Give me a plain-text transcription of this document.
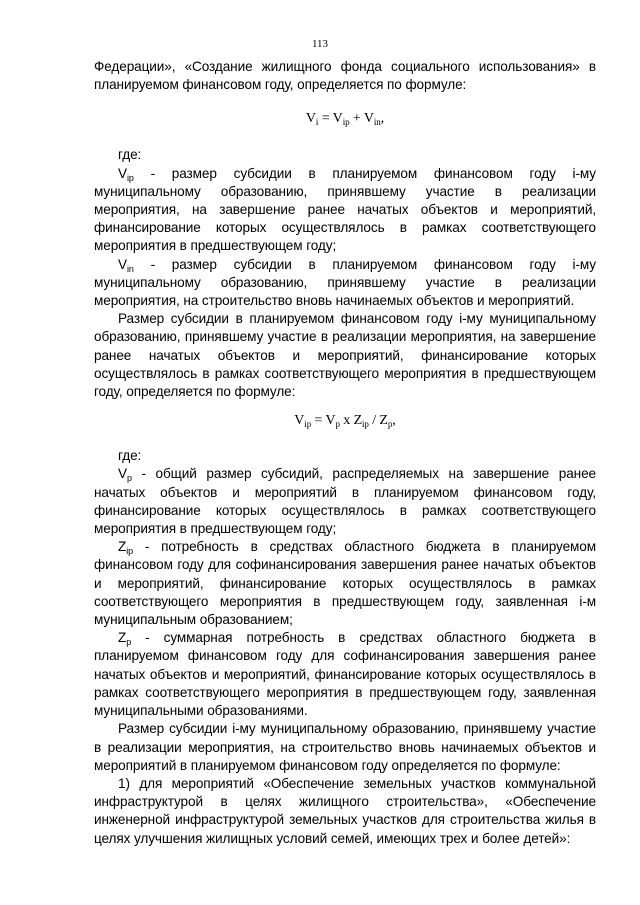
113

Федерации», «Создание жилищного фонда социального использования» в планируемом финансовом году, определяется по формуле:

$V_i = V_{ip} + V_{in}$,

где:

$V_{ip}$ - размер субсидии в планируемом финансовом году i-му муниципальному образованию, принявшему участие в реализации мероприятия, на завершение ранее начатых объектов и мероприятий, финансирование которых осуществлялось в рамках соответствующего мероприятия в предшествующем году;

$V_{in}$ - размер субсидии в планируемом финансовом году i-му муниципальному образованию, принявшему участие в реализации мероприятия, на строительство вновь начинаемых объектов и мероприятий.

Размер субсидии в планируемом финансовом году i-му муниципальному образованию, принявшему участие в реализации мероприятия, на завершение ранее начатых объектов и мероприятий, финансирование которых осуществлялось в рамках соответствующего мероприятия в предшествующем году, определяется по формуле:

$V_{ip} = V_p$ x $Z_{ip} / Z_p$,

где:

$V_p$ - общий размер субсидий, распределяемых на завершение ранее начатых объектов и мероприятий в планируемом финансовом году, финансирование которых осуществлялось в рамках соответствующего мероприятия в предшествующем году;

$Z_{ip}$ - потребность в средствах областного бюджета в планируемом финансовом году для софинансирования завершения ранее начатых объектов и мероприятий, финансирование которых осуществлялось в рамках соответствующего мероприятия в предшествующем году, заявленная i-м муниципальным образованием;

$Z_p$ - суммарная потребность в средствах областного бюджета в планируемом финансовом году для софинансирования завершения ранее начатых объектов и мероприятий, финансирование которых осуществлялось в рамках соответствующего мероприятия в предшествующем году, заявленная муниципальными образованиями.

Размер субсидии i-му муниципальному образованию, принявшему участие в реализации мероприятия, на строительство вновь начинаемых объектов и мероприятий в планируемом финансовом году определяется по формуле:

1) для мероприятий «Обеспечение земельных участков коммунальной инфраструктурой в целях жилищного строительства», «Обеспечение инженерной инфраструктурой земельных участков для строительства жилья в целях улучшения жилищных условий семей, имеющих трех и более детей»:
